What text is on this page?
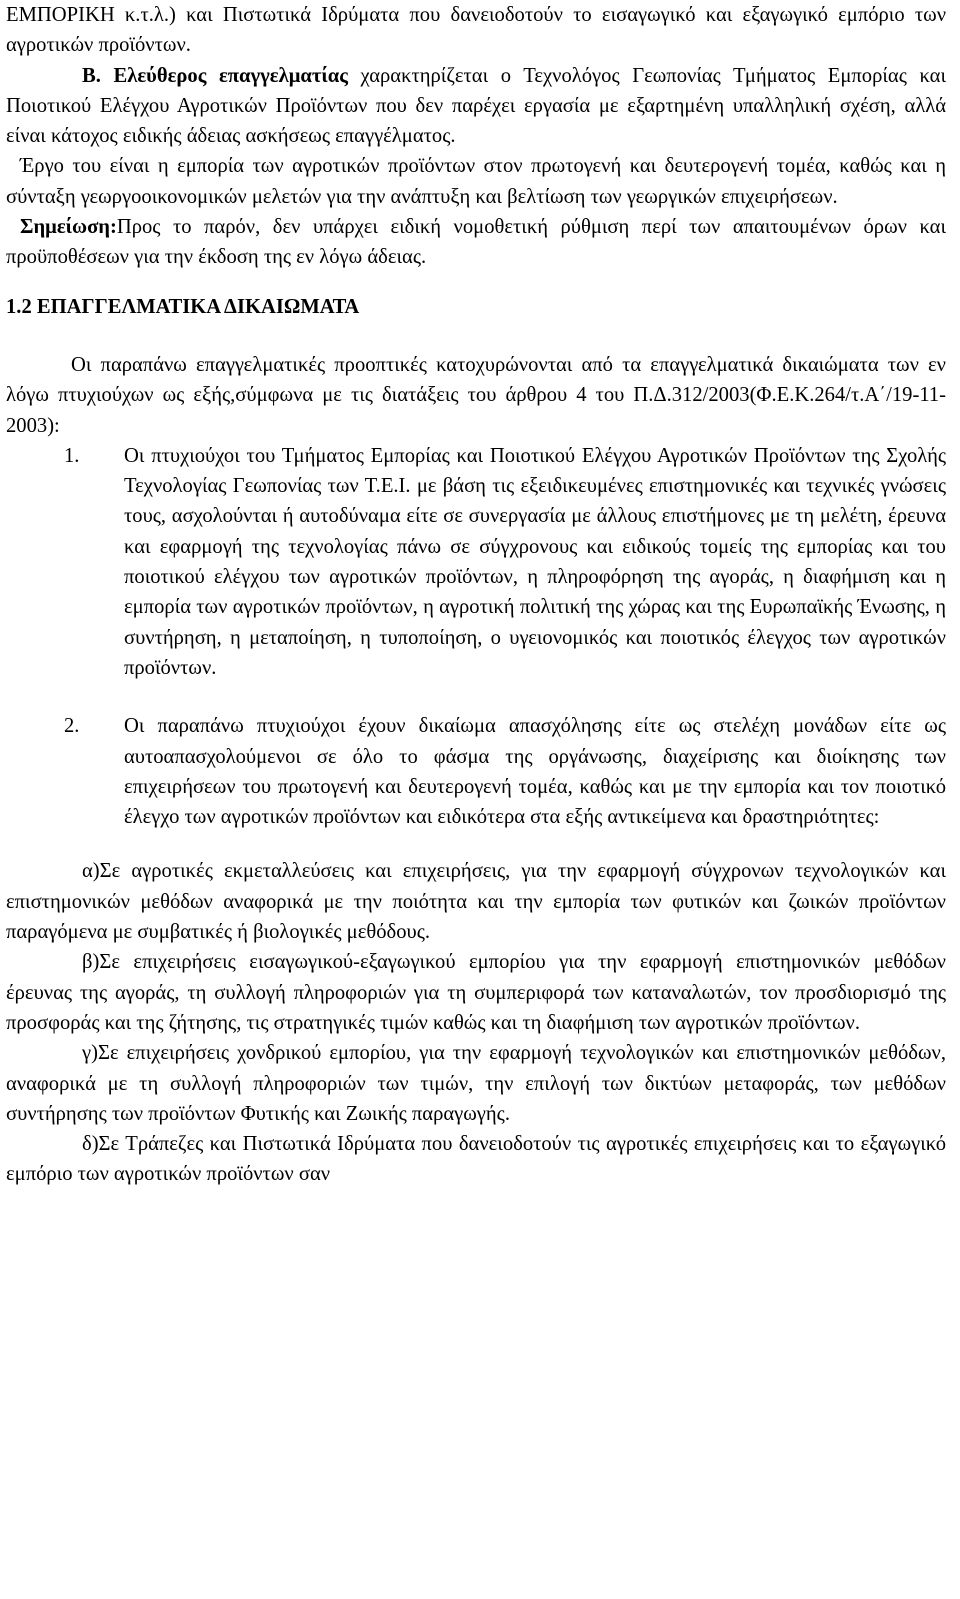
ΕΜΠΟΡΙΚΗ κ.τ.λ.) και Πιστωτικά Ιδρύματα που δανειοδοτούν το εισαγωγικό και εξαγωγικό εμπόριο των αγροτικών προϊόντων.

Β. Ελεύθερος επαγγελματίας χαρακτηρίζεται ο Τεχνολόγος Γεωπονίας Τμήματος Εμπορίας και Ποιοτικού Ελέγχου Αγροτικών Προϊόντων που δεν παρέχει εργασία με εξαρτημένη υπαλληλική σχέση, αλλά είναι κάτοχος ειδικής άδειας ασκήσεως επαγγέλματος.

Έργο του είναι η εμπορία των αγροτικών προϊόντων στον πρωτογενή και δευτερογενή τομέα, καθώς και η σύνταξη γεωργοοικονομικών μελετών για την ανάπτυξη και βελτίωση των γεωργικών επιχειρήσεων.

Σημείωση:Προς το παρόν, δεν υπάρχει ειδική νομοθετική ρύθμιση περί των απαιτουμένων όρων και προϋποθέσεων για την έκδοση της εν λόγω άδειας.

1.2 ΕΠΑΓΓΕΛΜΑΤΙΚΑ ΔΙΚΑΙΩΜΑΤΑ

Οι παραπάνω επαγγελματικές προοπτικές κατοχυρώνονται από τα επαγγελματικά δικαιώματα των εν λόγω πτυχιούχων ως εξής,σύμφωνα με τις διατάξεις του άρθρου 4 του Π.Δ.312/2003(Φ.Ε.Κ.264/τ.Α΄/19-11-2003):

1. Οι πτυχιούχοι του Τμήματος Εμπορίας και Ποιοτικού Ελέγχου Αγροτικών Προϊόντων της Σχολής Τεχνολογίας Γεωπονίας των Τ.Ε.Ι. με βάση τις εξειδικευμένες επιστημονικές και τεχνικές γνώσεις τους, ασχολούνται ή αυτοδύναμα είτε σε συνεργασία με άλλους επιστήμονες με τη μελέτη, έρευνα και εφαρμογή της τεχνολογίας πάνω σε σύγχρονους και ειδικούς τομείς της εμπορίας και του ποιοτικού ελέγχου των αγροτικών προϊόντων, η πληροφόρηση της αγοράς, η διαφήμιση και η εμπορία των αγροτικών προϊόντων, η αγροτική πολιτική της χώρας και της Ευρωπαϊκής Ένωσης, η συντήρηση, η μεταποίηση, η τυποποίηση, ο υγειονομικός και ποιοτικός έλεγχος των αγροτικών προϊόντων.

2. Οι παραπάνω πτυχιούχοι έχουν δικαίωμα απασχόλησης είτε ως στελέχη μονάδων είτε ως αυτοαπασχολούμενοι σε όλο το φάσμα της οργάνωσης, διαχείρισης και διοίκησης των επιχειρήσεων του πρωτογενή και δευτερογενή τομέα, καθώς και με την εμπορία και τον ποιοτικό έλεγχο των αγροτικών προϊόντων και ειδικότερα στα εξής αντικείμενα και δραστηριότητες:

α)Σε αγροτικές εκμεταλλεύσεις και επιχειρήσεις, για την εφαρμογή σύγχρονων τεχνολογικών και επιστημονικών μεθόδων αναφορικά με την ποιότητα και την εμπορία των φυτικών και ζωικών προϊόντων παραγόμενα με συμβατικές ή βιολογικές μεθόδους.

β)Σε επιχειρήσεις εισαγωγικού-εξαγωγικού εμπορίου για την εφαρμογή επιστημονικών μεθόδων έρευνας της αγοράς, τη συλλογή πληροφοριών για τη συμπεριφορά των καταναλωτών, τον προσδιορισμό της προσφοράς και της ζήτησης, τις στρατηγικές τιμών καθώς και τη διαφήμιση των αγροτικών προϊόντων.

γ)Σε επιχειρήσεις χονδρικού εμπορίου, για την εφαρμογή τεχνολογικών και επιστημονικών μεθόδων, αναφορικά με τη συλλογή πληροφοριών των τιμών, την επιλογή των δικτύων μεταφοράς, των μεθόδων συντήρησης των προϊόντων Φυτικής και Ζωικής παραγωγής.

δ)Σε Τράπεζες και Πιστωτικά Ιδρύματα που δανειοδοτούν τις αγροτικές επιχειρήσεις και το εξαγωγικό εμπόριο των αγροτικών προϊόντων σαν
